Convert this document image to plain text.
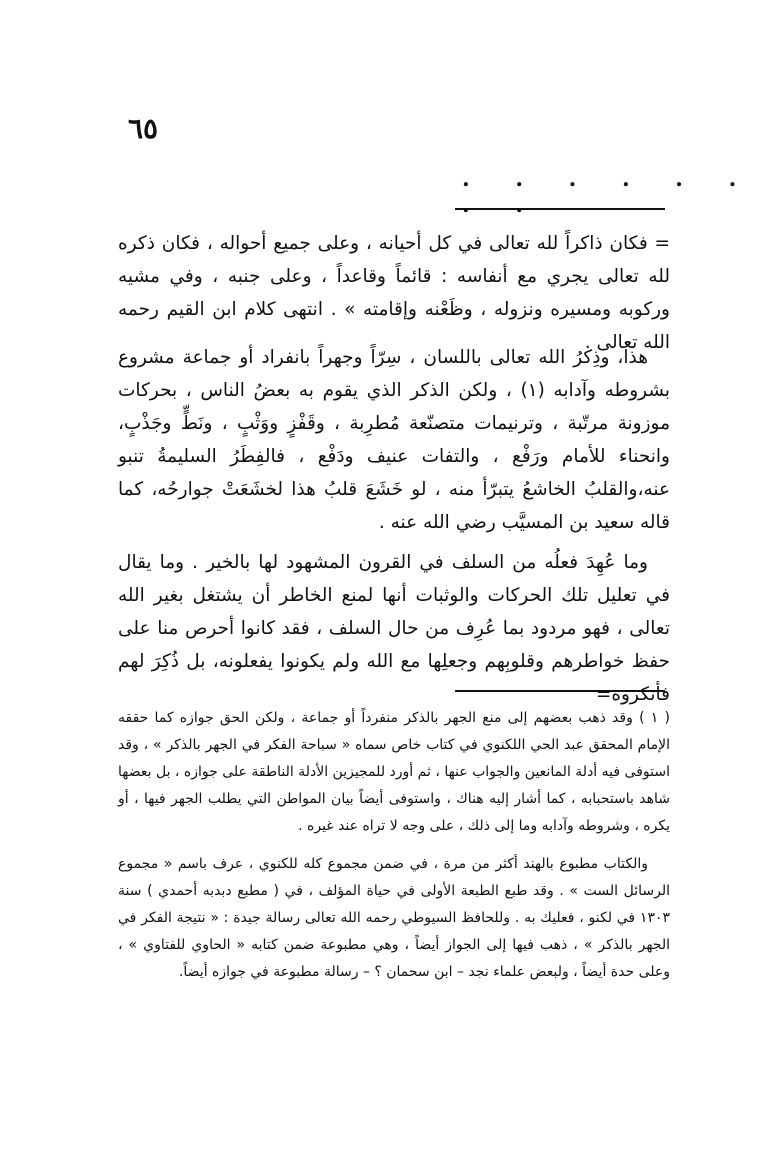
٦٥
. . . . . . . .

= فكان ذاكراً لله تعالى في كل أحيانه ، وعلى جميع أحواله ، فكان ذكره لله تعالى يجري مع أنفاسه : قائماً وقاعداً ، وعلى جنبه ، وفي مشيه وركوبه ومسيره ونزوله ، وظَعْنه وإقامته » . انتهى كلام ابن القيم رحمه الله تعالى .

هذا، وذِكرُ الله تعالى باللسان ، سِرّاً وجهراً بانفراد أو جماعة مشروع بشروطه وآدابه (١) ، ولكن الذكر الذي يقوم به بعضُ الناس ، بحركات موزونة مرتّبة ، وترنيمات متصنّعة مُطرِبة ، وقَفْزٍ ووَثْبٍ ، ونَطٍّ وجَذْبٍ، وانحناء للأمام ورَفْع ، والتفات عنيف ودَفْع ، فالفِطَرُ السليمةُ تنبو عنه،والقلبُ الخاشعُ يتبرّأ منه ، لو خَشَعَ قلبُ هذا لخشَعَتْ جوارحُه، كما قاله سعيد بن المسيَّب رضي الله عنه .

وما عُهِدَ فعلُه من السلف في القرون المشهود لها بالخير . وما يقال في تعليل تلك الحركات والوثبات أنها لمنع الخاطر أن يشتغل بغير الله تعالى ، فهو مردود بما عُرِف من حال السلف ، فقد كانوا أحرص منا على حفظ خواطرهم وقلوبِهم وجعلِها مع الله ولم يكونوا يفعلونه، بل ذُكِرَ لهم فأنكروه=

( ١ ) وقد ذهب بعضهم إلى منع الجهر بالذكر منفرداً أو جماعة ، ولكن الحق جوازه كما حققه الإمام المحقق عبد الحي اللكنوي في كتاب خاص سماه « سباحة الفكر في الجهر بالذكر » ، وقد استوفى فيه أدلة المانعين والجواب عنها ، ثم أورد للمجيزين الأدلة الناطقة على جوازه ، بل بعضها شاهد باستحبابه ، كما أشار إليه هناك ، واستوفى أيضاً بيان المواطن التي يطلب الجهر فيها ، أو يكره ، وشروطه وآدابه وما إلى ذلك ، على وجه لا تراه عند غيره .

والكتاب مطبوع بالهند أكثر من مرة ، في ضمن مجموع كله للكنوي ، عرف باسم « مجموع الرسائل الست » . وقد طبع الطبعة الأولى في حياة المؤلف ، في ( مطبع دبدبه أحمدي ) سنة ١٣٠٣ في لكنو ، فعليك به . وللحافظ السيوطي رحمه الله تعالى رسالة جيدة : « نتيجة الفكر في الجهر بالذكر » ، ذهب فيها إلى الجواز أيضاً ، وهي مطبوعة ضمن كتابه « الحاوي للفتاوي » ، وعلى حدة أيضاً ، ولبعض علماء نجد – ابن سحمان ؟ – رسالة مطبوعة في جوازه أيضاً.
